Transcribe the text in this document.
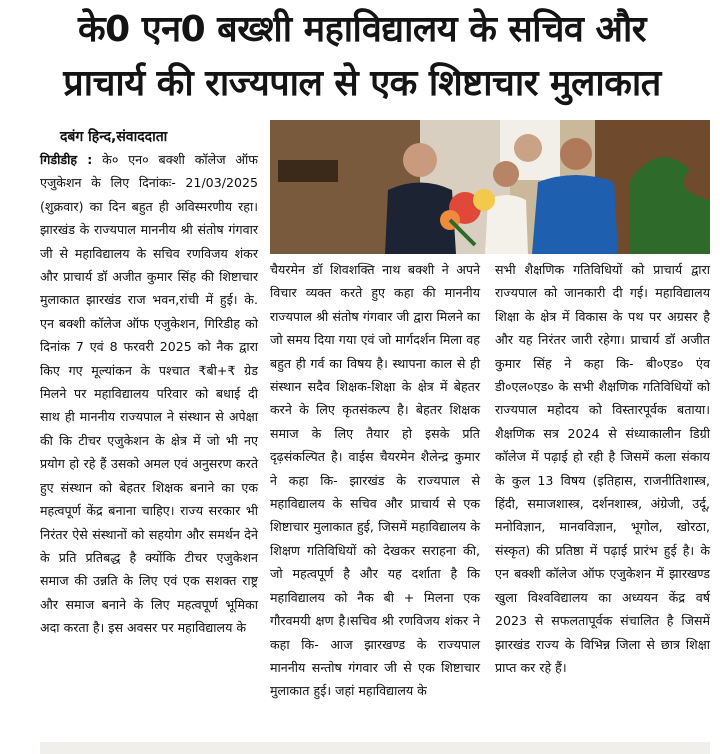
के0 एन0 बख्शी महाविद्यालय के सचिव और
प्राचार्य की राज्यपाल से एक शिष्टाचार मुलाकात
दबंग हिन्द,संवाददाता

गिडीडीह : के० एन० बक्शी कॉलेज ऑफ एजुकेशन के लिए दिनांकः- 21/03/2025 (शुक्रवार) का दिन बहुत ही अविस्मरणीय रहा। झारखंड के राज्यपाल माननीय श्री संतोष गंगवार जी से महाविद्यालय के सचिव रणविजय शंकर और प्राचार्य डॉ अजीत कुमार सिंह की शिष्टाचार मुलाकात झारखंड राज भवन,रांची में हुई। के. एन बक्शी कॉलेज ऑफ एजुकेशन, गिरिडीह को दिनांक 7 एवं 8 फरवरी 2025 को नैक द्वारा किए गए मूल्यांकन के पश्चात ₹बी+₹ ग्रेड मिलने पर महाविद्यालय परिवार को बधाई दी साथ ही माननीय राज्यपाल ने संस्थान से अपेक्षा की कि टीचर एजुकेशन के क्षेत्र में जो भी नए प्रयोग हो रहे हैं उसको अमल एवं अनुसरण करते हुए संस्थान को बेहतर शिक्षक बनाने का एक महत्वपूर्ण केंद्र बनाना चाहिए। राज्य सरकार भी निरंतर ऐसे संस्थानों को सहयोग और समर्थन देने के प्रति प्रतिबद्ध है क्योंकि टीचर एजुकेशन समाज की उन्नति के लिए एवं एक सशक्त राष्ट्र और समाज बनाने के लिए महत्वपूर्ण भूमिका अदा करता है। इस अवसर पर महाविद्यालय के

चैयरमेन डॉ शिवशक्ति नाथ बक्शी ने अपने विचार व्यक्त करते हुए कहा की माननीय राज्यपाल श्री संतोष गंगवार जी द्वारा मिलने का जो समय दिया गया एवं जो मार्गदर्शन मिला वह बहुत ही गर्व का विषय है। स्थापना काल से ही संस्थान सदैव शिक्षक-शिक्षा के क्षेत्र में बेहतर करने के लिए कृतसंकल्प है। बेहतर शिक्षक समाज के लिए तैयार हो इसके प्रति दृढ़संकल्पित है। वाईस चैयरमेन शैलेन्द्र कुमार ने कहा कि- झारखंड के राज्यपाल से महाविद्यालय के सचिव और प्राचार्य से एक शिष्टाचार मुलाकात हुई, जिसमें महाविद्यालय के शिक्षण गतिविधियों को देखकर सराहना की, जो महत्वपूर्ण है और यह दर्शाता है कि महाविद्यालय को नैक बी + मिलना एक गौरवमयी क्षण है।सचिव श्री रणविजय शंकर ने कहा कि- आज झारखण्ड के राज्यपाल माननीय सन्तोष गंगवार जी से एक शिष्टाचार मुलाकात हुई। जहां महाविद्यालय के

सभी शैक्षणिक गतिविधियों को प्राचार्य द्वारा राज्यपाल को जानकारी दी गई। महाविद्यालय शिक्षा के क्षेत्र में विकास के पथ पर अग्रसर है और यह निरंतर जारी रहेगा। प्राचार्य डॉ अजीत कुमार सिंह ने कहा कि- बी०एड० एंव डी०एल०एड० के सभी शैक्षणिक गतिविधियों को राज्यपाल महोदय को विस्तारपूर्वक बताया। शैक्षणिक सत्र 2024 से संध्याकालीन डिग्री कॉलेज में पढ़ाई हो रही है जिसमें कला संकाय के कुल 13 विषय (इतिहास, राजनीतिशास्त्र, हिंदी, समाजशास्त्र, दर्शनशास्त्र, अंग्रेजी, उर्दू, मनोविज्ञान, मानवविज्ञान, भूगोल, खोरठा, संस्कृत) की प्रतिष्ठा में पढ़ाई प्रारंभ हुई है। के एन बक्शी कॉलेज ऑफ एजुकेशन में झारखण्ड खुला विश्वविद्यालय का अध्ययन केंद्र वर्ष 2023 से सफलतापूर्वक संचालित है जिसमें झारखंड राज्य के विभिन्न जिला से छात्र शिक्षा प्राप्त कर रहे हैं।
